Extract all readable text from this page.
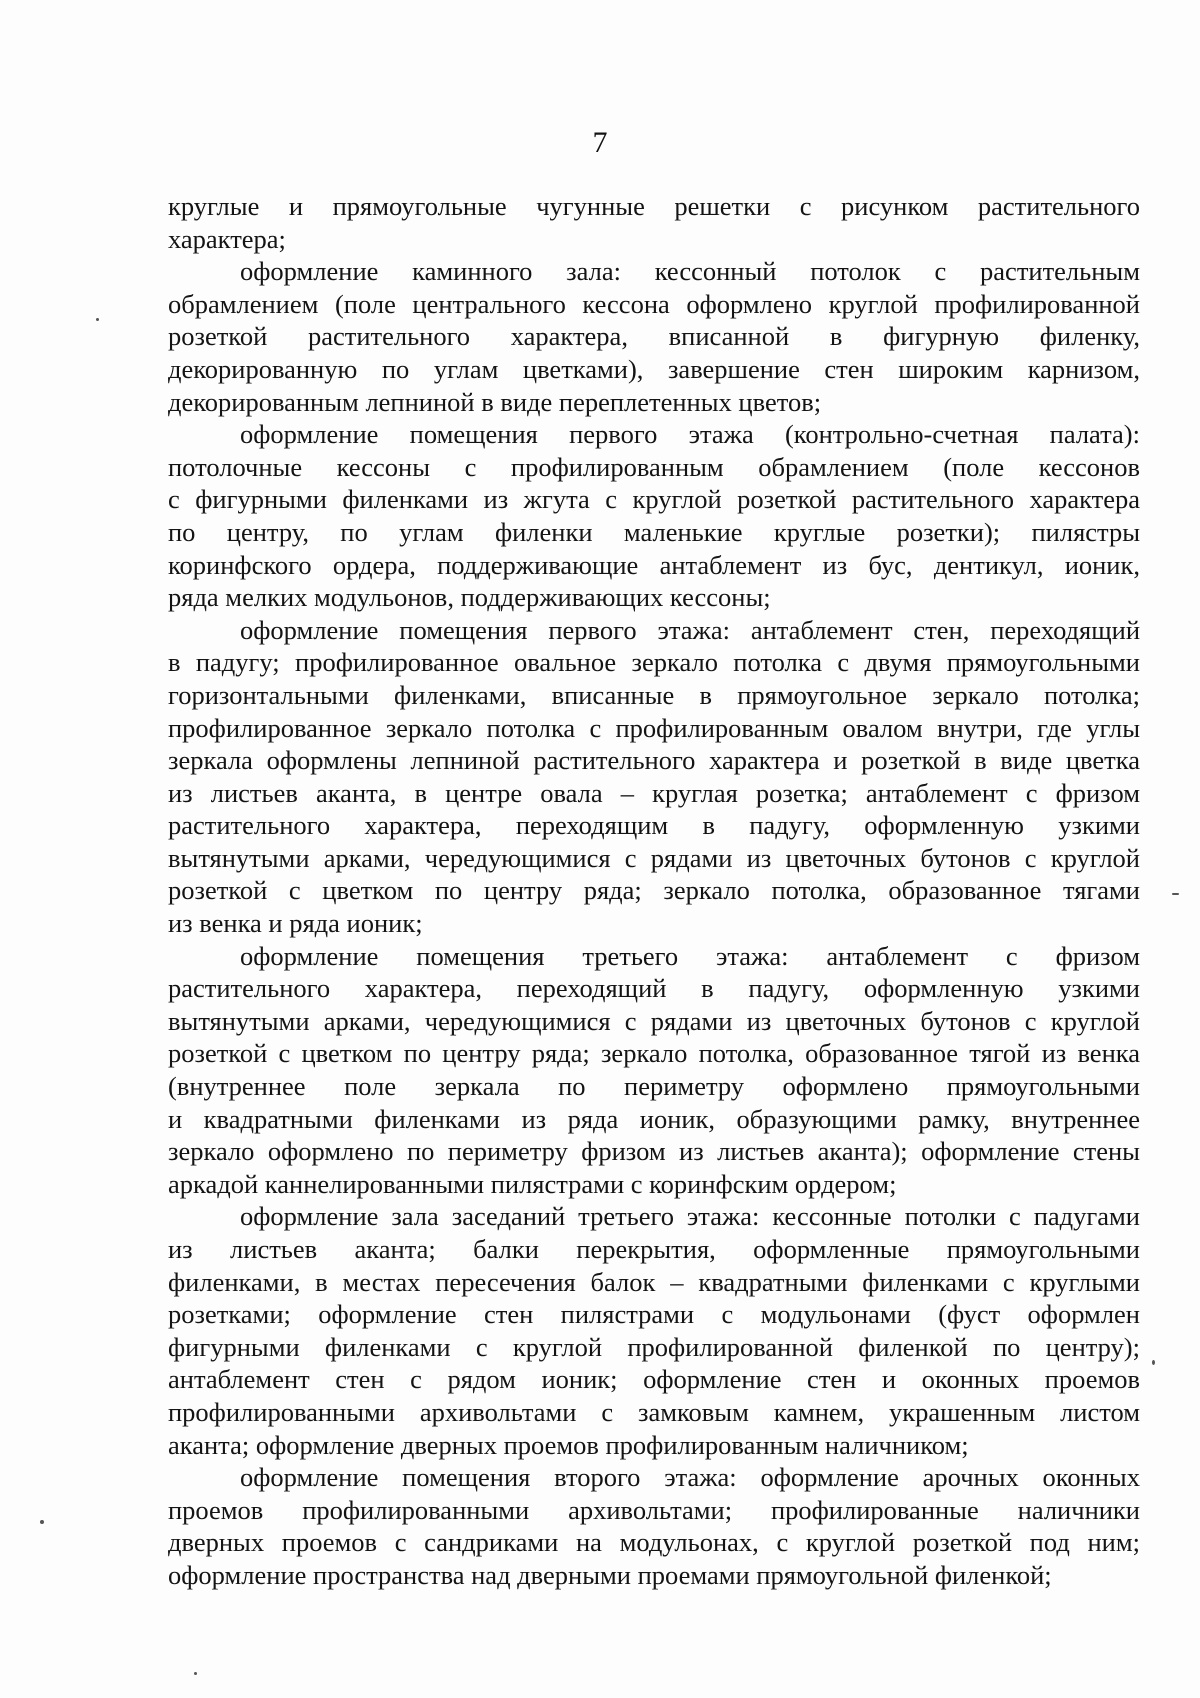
7
круглые и прямоугольные чугунные решетки с рисунком растительного
характера;
оформление каминного зала: кессонный потолок с растительным
обрамлением (поле центрального кессона оформлено круглой профилированной
розеткой растительного характера, вписанной в фигурную филенку,
декорированную по углам цветками), завершение стен широким карнизом,
декорированным лепниной в виде переплетенных цветов;
оформление помещения первого этажа (контрольно-счетная палата):
потолочные кессоны с профилированным обрамлением (поле кессонов
с фигурными филенками из жгута с круглой розеткой растительного характера
по центру, по углам филенки маленькие круглые розетки); пилястры
коринфского ордера, поддерживающие антаблемент из бус, дентикул, ионик,
ряда мелких модульонов, поддерживающих кессоны;
оформление помещения первого этажа: антаблемент стен, переходящий
в падугу; профилированное овальное зеркало потолка с двумя прямоугольными
горизонтальными филенками, вписанные в прямоугольное зеркало потолка;
профилированное зеркало потолка с профилированным овалом внутри, где углы
зеркала оформлены лепниной растительного характера и розеткой в виде цветка
из листьев аканта, в центре овала – круглая розетка; антаблемент с фризом
растительного характера, переходящим в падугу, оформленную узкими
вытянутыми арками, чередующимися с рядами из цветочных бутонов с круглой
розеткой с цветком по центру ряда; зеркало потолка, образованное тягами
из венка и ряда ионик;
оформление помещения третьего этажа: антаблемент с фризом
растительного характера, переходящий в падугу, оформленную узкими
вытянутыми арками, чередующимися с рядами из цветочных бутонов с круглой
розеткой с цветком по центру ряда; зеркало потолка, образованное тягой из венка
(внутреннее поле зеркала по периметру оформлено прямоугольными
и квадратными филенками из ряда ионик, образующими рамку, внутреннее
зеркало оформлено по периметру фризом из листьев аканта); оформление стены
аркадой каннелированными пилястрами с коринфским ордером;
оформление зала заседаний третьего этажа: кессонные потолки с падугами
из листьев аканта; балки перекрытия, оформленные прямоугольными
филенками, в местах пересечения балок – квадратными филенками с круглыми
розетками; оформление стен пилястрами с модульонами (фуст оформлен
фигурными филенками с круглой профилированной филенкой по центру);
антаблемент стен с рядом ионик; оформление стен и оконных проемов
профилированными архивольтами с замковым камнем, украшенным листом
аканта; оформление дверных проемов профилированным наличником;
оформление помещения второго этажа: оформление арочных оконных
проемов профилированными архивольтами; профилированные наличники
дверных проемов с сандриками на модульонах, с круглой розеткой под ним;
оформление пространства над дверными проемами прямоугольной филенкой;
